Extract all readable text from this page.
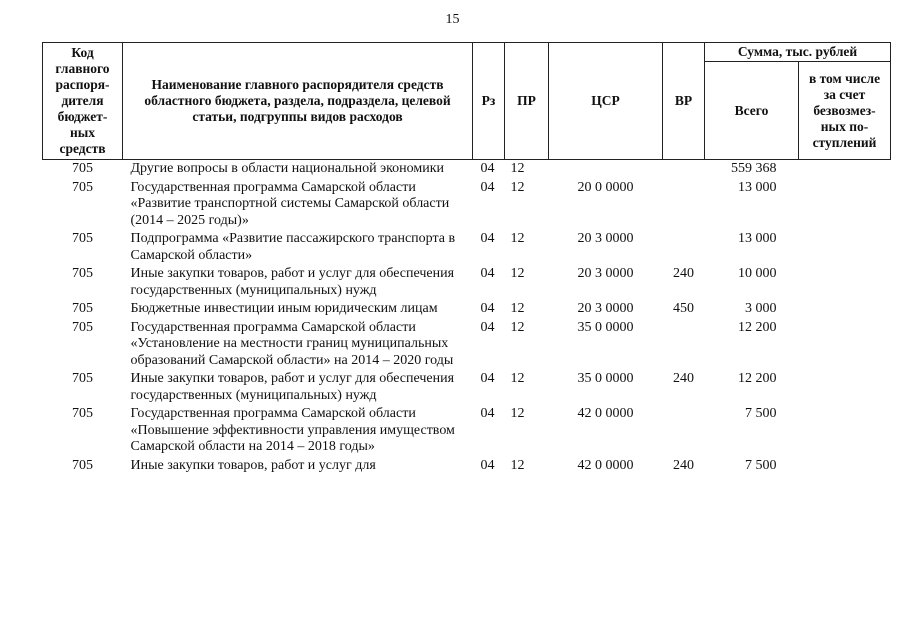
15
Код главного распоря-дителя бюджет-ных средств	Наименование главного распорядителя средств областного бюджета, раздела, подраздела, целевой статьи, подгруппы видов расходов	Рз	ПР	ЦСР	ВР	Сумма, тыс. рублей	
						Всего	в том числе за счет безвозмез-ных по-ступлений
705	Другие вопросы в области национальной экономики	04	12			559 368	
705	Государственная программа Самарской области «Развитие транспортной системы Самарской области (2014 – 2025 годы)»	04	12	20 0 0000		13 000	
705	Подпрограмма «Развитие пассажирского транспорта в Самарской области»	04	12	20 3 0000		13 000	
705	Иные закупки товаров, работ и услуг для обеспечения государственных (муниципальных) нужд	04	12	20 3 0000	240	10 000	
705	Бюджетные инвестиции иным юридическим лицам	04	12	20 3 0000	450	3 000	
705	Государственная программа Самарской области «Установление на местности границ муниципальных образований Самарской области» на 2014 – 2020 годы	04	12	35 0 0000		12 200	
705	Иные закупки товаров, работ и услуг для обеспечения государственных (муниципальных) нужд	04	12	35 0 0000	240	12 200	
705	Государственная программа Самарской области «Повышение эффективности управления имуществом Самарской области на 2014 – 2018 годы»	04	12	42 0 0000		7 500	
705	Иные закупки товаров, работ и услуг для	04	12	42 0 0000	240	7 500	
